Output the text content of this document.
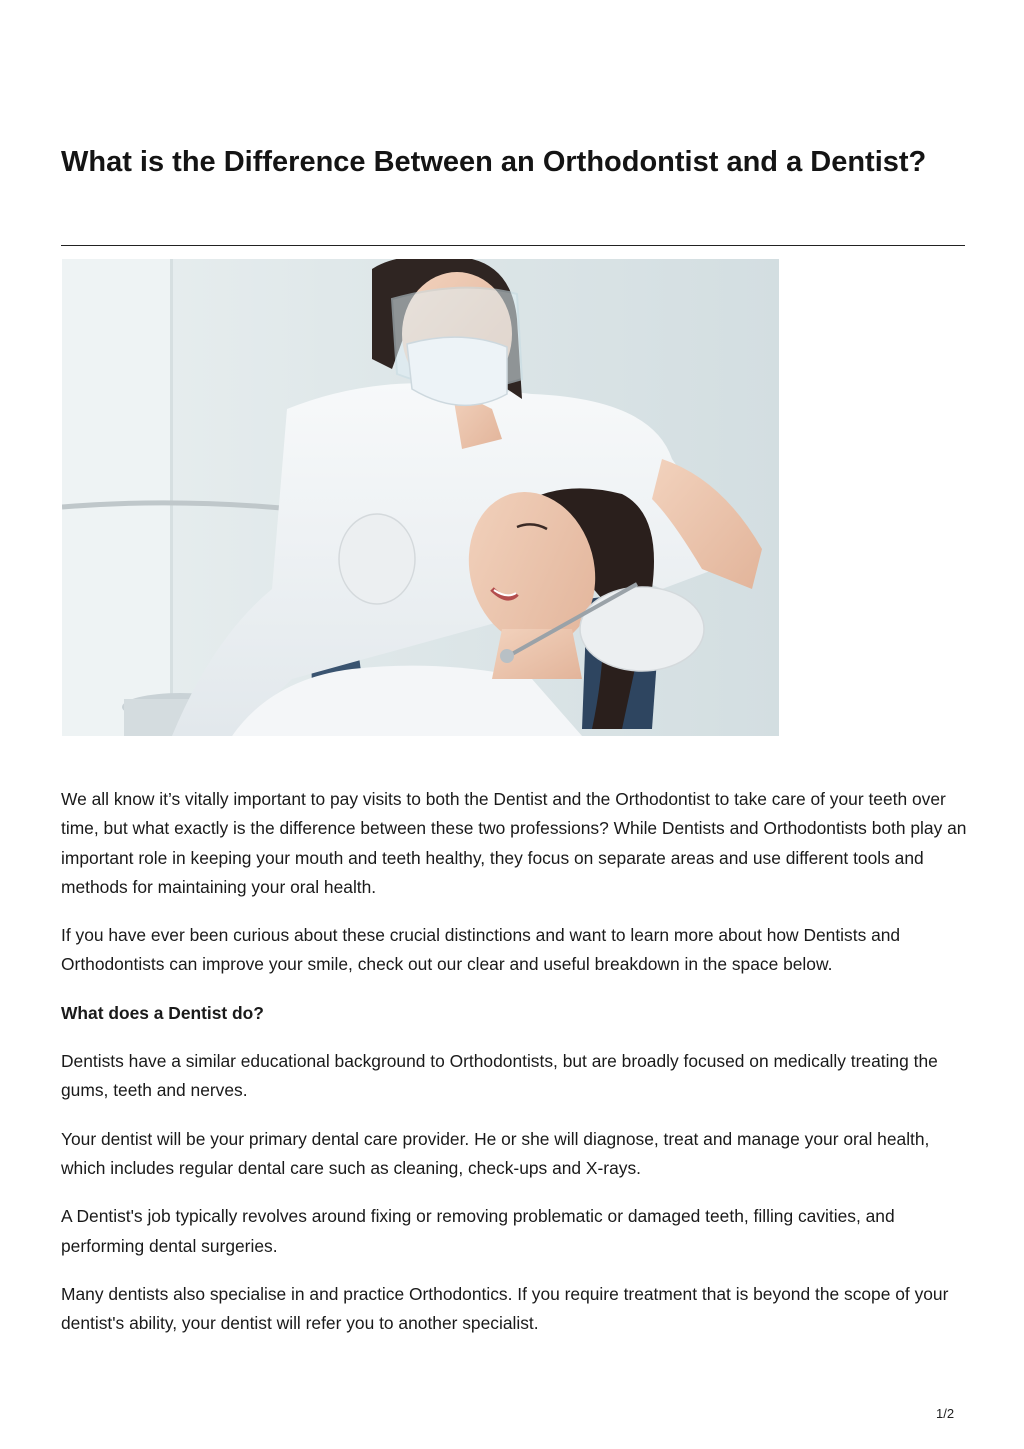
What is the Difference Between an Orthodontist and a Dentist?

We all know it’s vitally important to pay visits to both the Dentist and the Orthodontist to take care of your teeth over time, but what exactly is the difference between these two professions? While Dentists and Orthodontists both play an important role in keeping your mouth and teeth healthy, they focus on separate areas and use different tools and methods for maintaining your oral health.

If you have ever been curious about these crucial distinctions and want to learn more about how Dentists and Orthodontists can improve your smile, check out our clear and useful breakdown in the space below.

What does a Dentist do?

Dentists have a similar educational background to Orthodontists, but are broadly focused on medically treating the gums, teeth and nerves.

Your dentist will be your primary dental care provider. He or she will diagnose, treat and manage your oral health, which includes regular dental care such as cleaning, check-ups and X-rays.

A Dentist's job typically revolves around fixing or removing problematic or damaged teeth, filling cavities, and performing dental surgeries.

Many dentists also specialise in and practice Orthodontics. If you require treatment that is beyond the scope of your dentist's ability, your dentist will refer you to another specialist.

1/2
